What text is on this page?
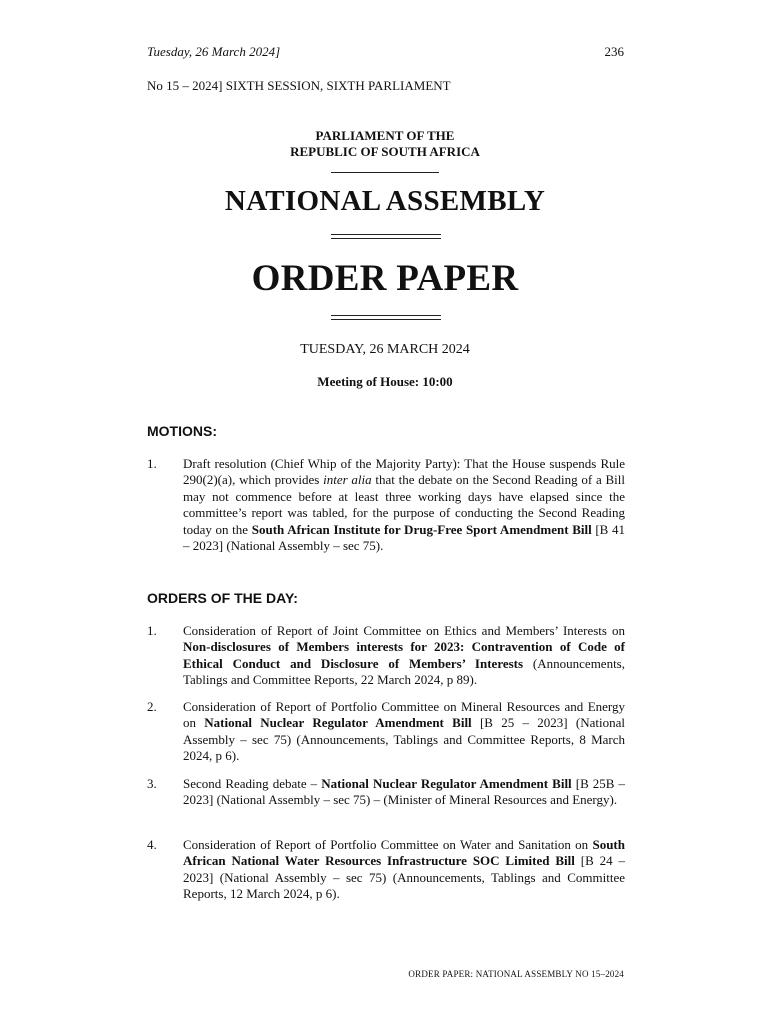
Tuesday, 26 March 2024]	236
No 15 – 2024] SIXTH SESSION, SIXTH PARLIAMENT
PARLIAMENT OF THE
REPUBLIC OF SOUTH AFRICA
NATIONAL ASSEMBLY
ORDER PAPER
TUESDAY, 26 MARCH 2024
Meeting of House: 10:00
MOTIONS:
1. Draft resolution (Chief Whip of the Majority Party): That the House suspends Rule 290(2)(a), which provides inter alia that the debate on the Second Reading of a Bill may not commence before at least three working days have elapsed since the committee’s report was tabled, for the purpose of conducting the Second Reading today on the South African Institute for Drug-Free Sport Amendment Bill [B 41 – 2023] (National Assembly – sec 75).
ORDERS OF THE DAY:
1. Consideration of Report of Joint Committee on Ethics and Members’ Interests on Non-disclosures of Members interests for 2023: Contravention of Code of Ethical Conduct and Disclosure of Members’ Interests (Announcements, Tablings and Committee Reports, 22 March 2024, p 89).
2. Consideration of Report of Portfolio Committee on Mineral Resources and Energy on National Nuclear Regulator Amendment Bill [B 25 – 2023] (National Assembly – sec 75) (Announcements, Tablings and Committee Reports, 8 March 2024, p 6).
3. Second Reading debate – National Nuclear Regulator Amendment Bill [B 25B – 2023] (National Assembly – sec 75) – (Minister of Mineral Resources and Energy).
4. Consideration of Report of Portfolio Committee on Water and Sanitation on South African National Water Resources Infrastructure SOC Limited Bill [B 24 – 2023] (National Assembly – sec 75) (Announcements, Tablings and Committee Reports, 12 March 2024, p 6).
ORDER PAPER: NATIONAL ASSEMBLY NO 15–2024
